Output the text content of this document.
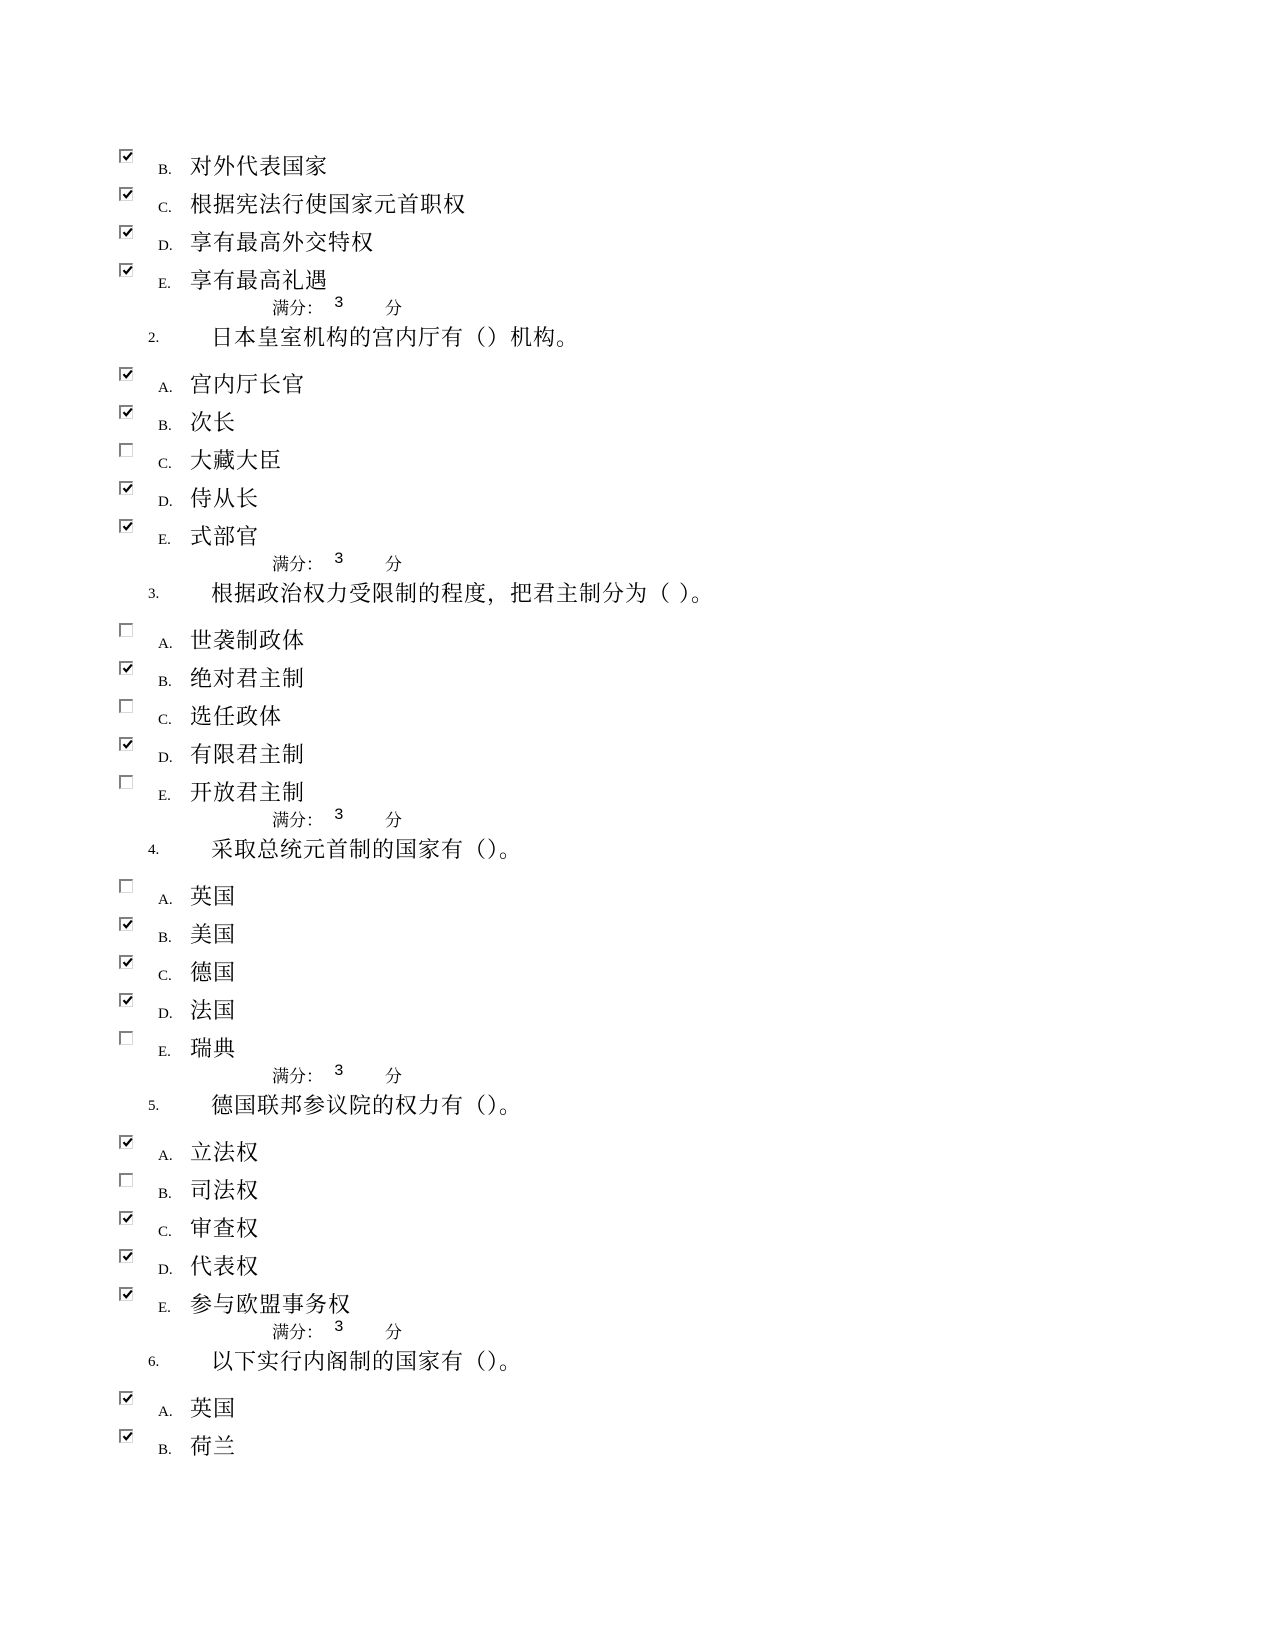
B. 对外代表国家
C. 根据宪法行使国家元首职权
D. 享有最高外交特权
E. 享有最高礼遇
满分： 3 分
2. 日本皇室机构的宫内厅有（）机构。
A. 宫内厅长官
B. 次长
C. 大藏大臣
D. 侍从长
E. 式部官
满分： 3 分
3. 根据政治权力受限制的程度，把君主制分为（ ）。
A. 世袭制政体
B. 绝对君主制
C. 选任政体
D. 有限君主制
E. 开放君主制
满分： 3 分
4. 采取总统元首制的国家有（）。
A. 英国
B. 美国
C. 德国
D. 法国
E. 瑞典
满分： 3 分
5. 德国联邦参议院的权力有（）。
A. 立法权
B. 司法权
C. 审查权
D. 代表权
E. 参与欧盟事务权
满分： 3 分
6. 以下实行内阁制的国家有（）。
A. 英国
B. 荷兰
